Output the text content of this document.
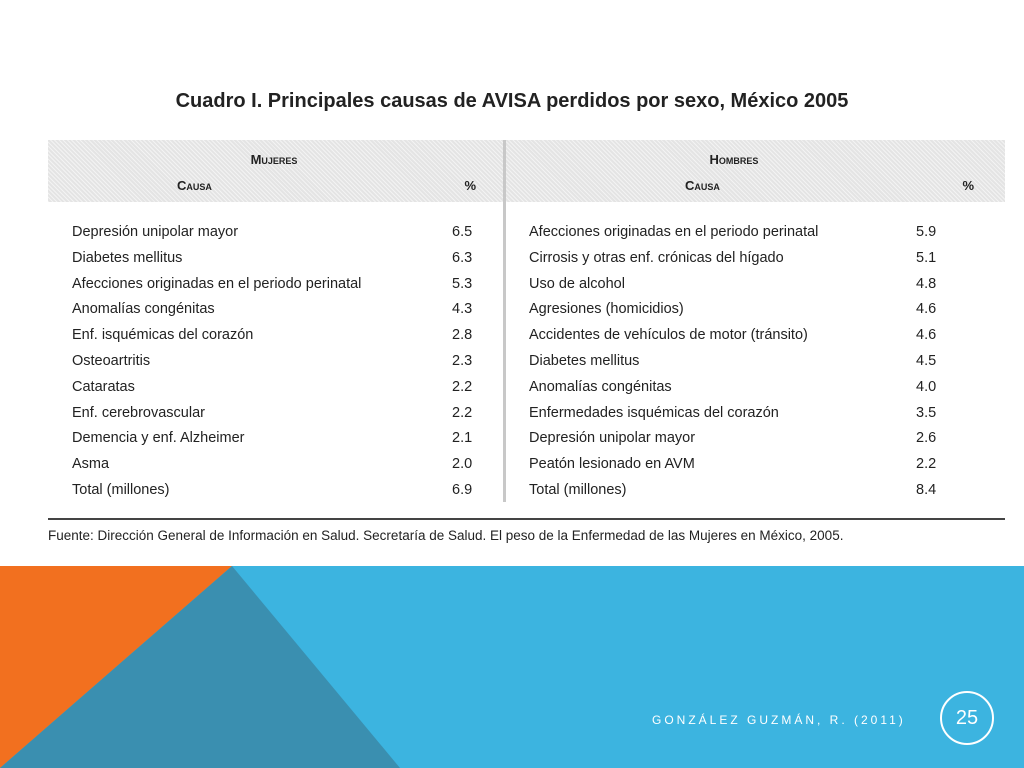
Cuadro I. Principales causas de AVISA perdidos por sexo, México 2005
Mujeres
Causa	%
Depresión unipolar mayor	6.5
Diabetes mellitus	6.3
Afecciones originadas en el periodo perinatal	5.3
Anomalías congénitas	4.3
Enf. isquémicas del corazón	2.8
Osteoartritis	2.3
Cataratas	2.2
Enf. cerebrovascular	2.2
Demencia y enf. Alzheimer	2.1
Asma	2.0
Total (millones)	6.9
Hombres
Causa	%
Afecciones originadas en el periodo perinatal	5.9
Cirrosis y otras enf. crónicas del hígado	5.1
Uso de alcohol	4.8
Agresiones (homicidios)	4.6
Accidentes de vehículos de motor (tránsito)	4.6
Diabetes mellitus	4.5
Anomalías congénitas	4.0
Enfermedades isquémicas del corazón	3.5
Depresión unipolar mayor	2.6
Peatón lesionado en AVM	2.2
Total (millones)	8.4
Fuente: Dirección General de Información en Salud. Secretaría de Salud. El peso de la Enfermedad de las Mujeres en México, 2005.
GONZÁLEZ GUZMÁN, R. (2011)	25
